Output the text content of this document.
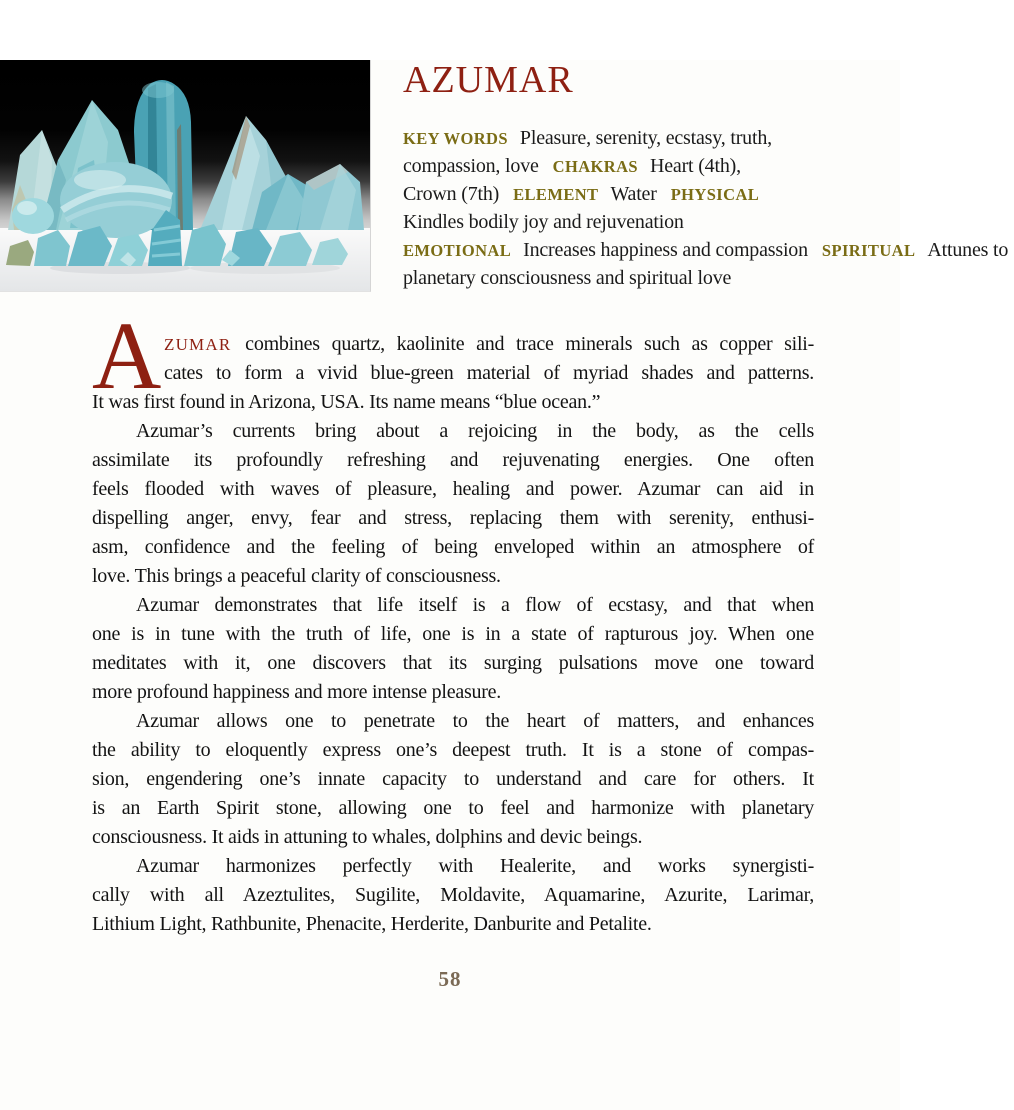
AZUMAR
KEY WORDS Pleasure, serenity, ecstasy, truth,
compassion, love CHAKRAS Heart (4th),
Crown (7th) ELEMENT Water PHYSICAL
Kindles bodily joy and rejuvenation
EMOTIONAL Increases happiness and compassion SPIRITUAL Attunes to
planetary consciousness and spiritual love
A ZUMAR combines quartz, kaolinite and trace minerals such as copper sili-
cates to form a vivid blue-green material of myriad shades and patterns.
It was first found in Arizona, USA. Its name means “blue ocean.”
Azumar’s currents bring about a rejoicing in the body, as the cells
assimilate its profoundly refreshing and rejuvenating energies. One often
feels flooded with waves of pleasure, healing and power. Azumar can aid in
dispelling anger, envy, fear and stress, replacing them with serenity, enthusi-
asm, confidence and the feeling of being enveloped within an atmosphere of
love. This brings a peaceful clarity of consciousness.
Azumar demonstrates that life itself is a flow of ecstasy, and that when
one is in tune with the truth of life, one is in a state of rapturous joy. When one
meditates with it, one discovers that its surging pulsations move one toward
more profound happiness and more intense pleasure.
Azumar allows one to penetrate to the heart of matters, and enhances
the ability to eloquently express one’s deepest truth. It is a stone of compas-
sion, engendering one’s innate capacity to understand and care for others. It
is an Earth Spirit stone, allowing one to feel and harmonize with planetary
consciousness. It aids in attuning to whales, dolphins and devic beings.
Azumar harmonizes perfectly with Healerite, and works synergisti-
cally with all Azeztulites, Sugilite, Moldavite, Aquamarine, Azurite, Larimar,
Lithium Light, Rathbunite, Phenacite, Herderite, Danburite and Petalite.
58
